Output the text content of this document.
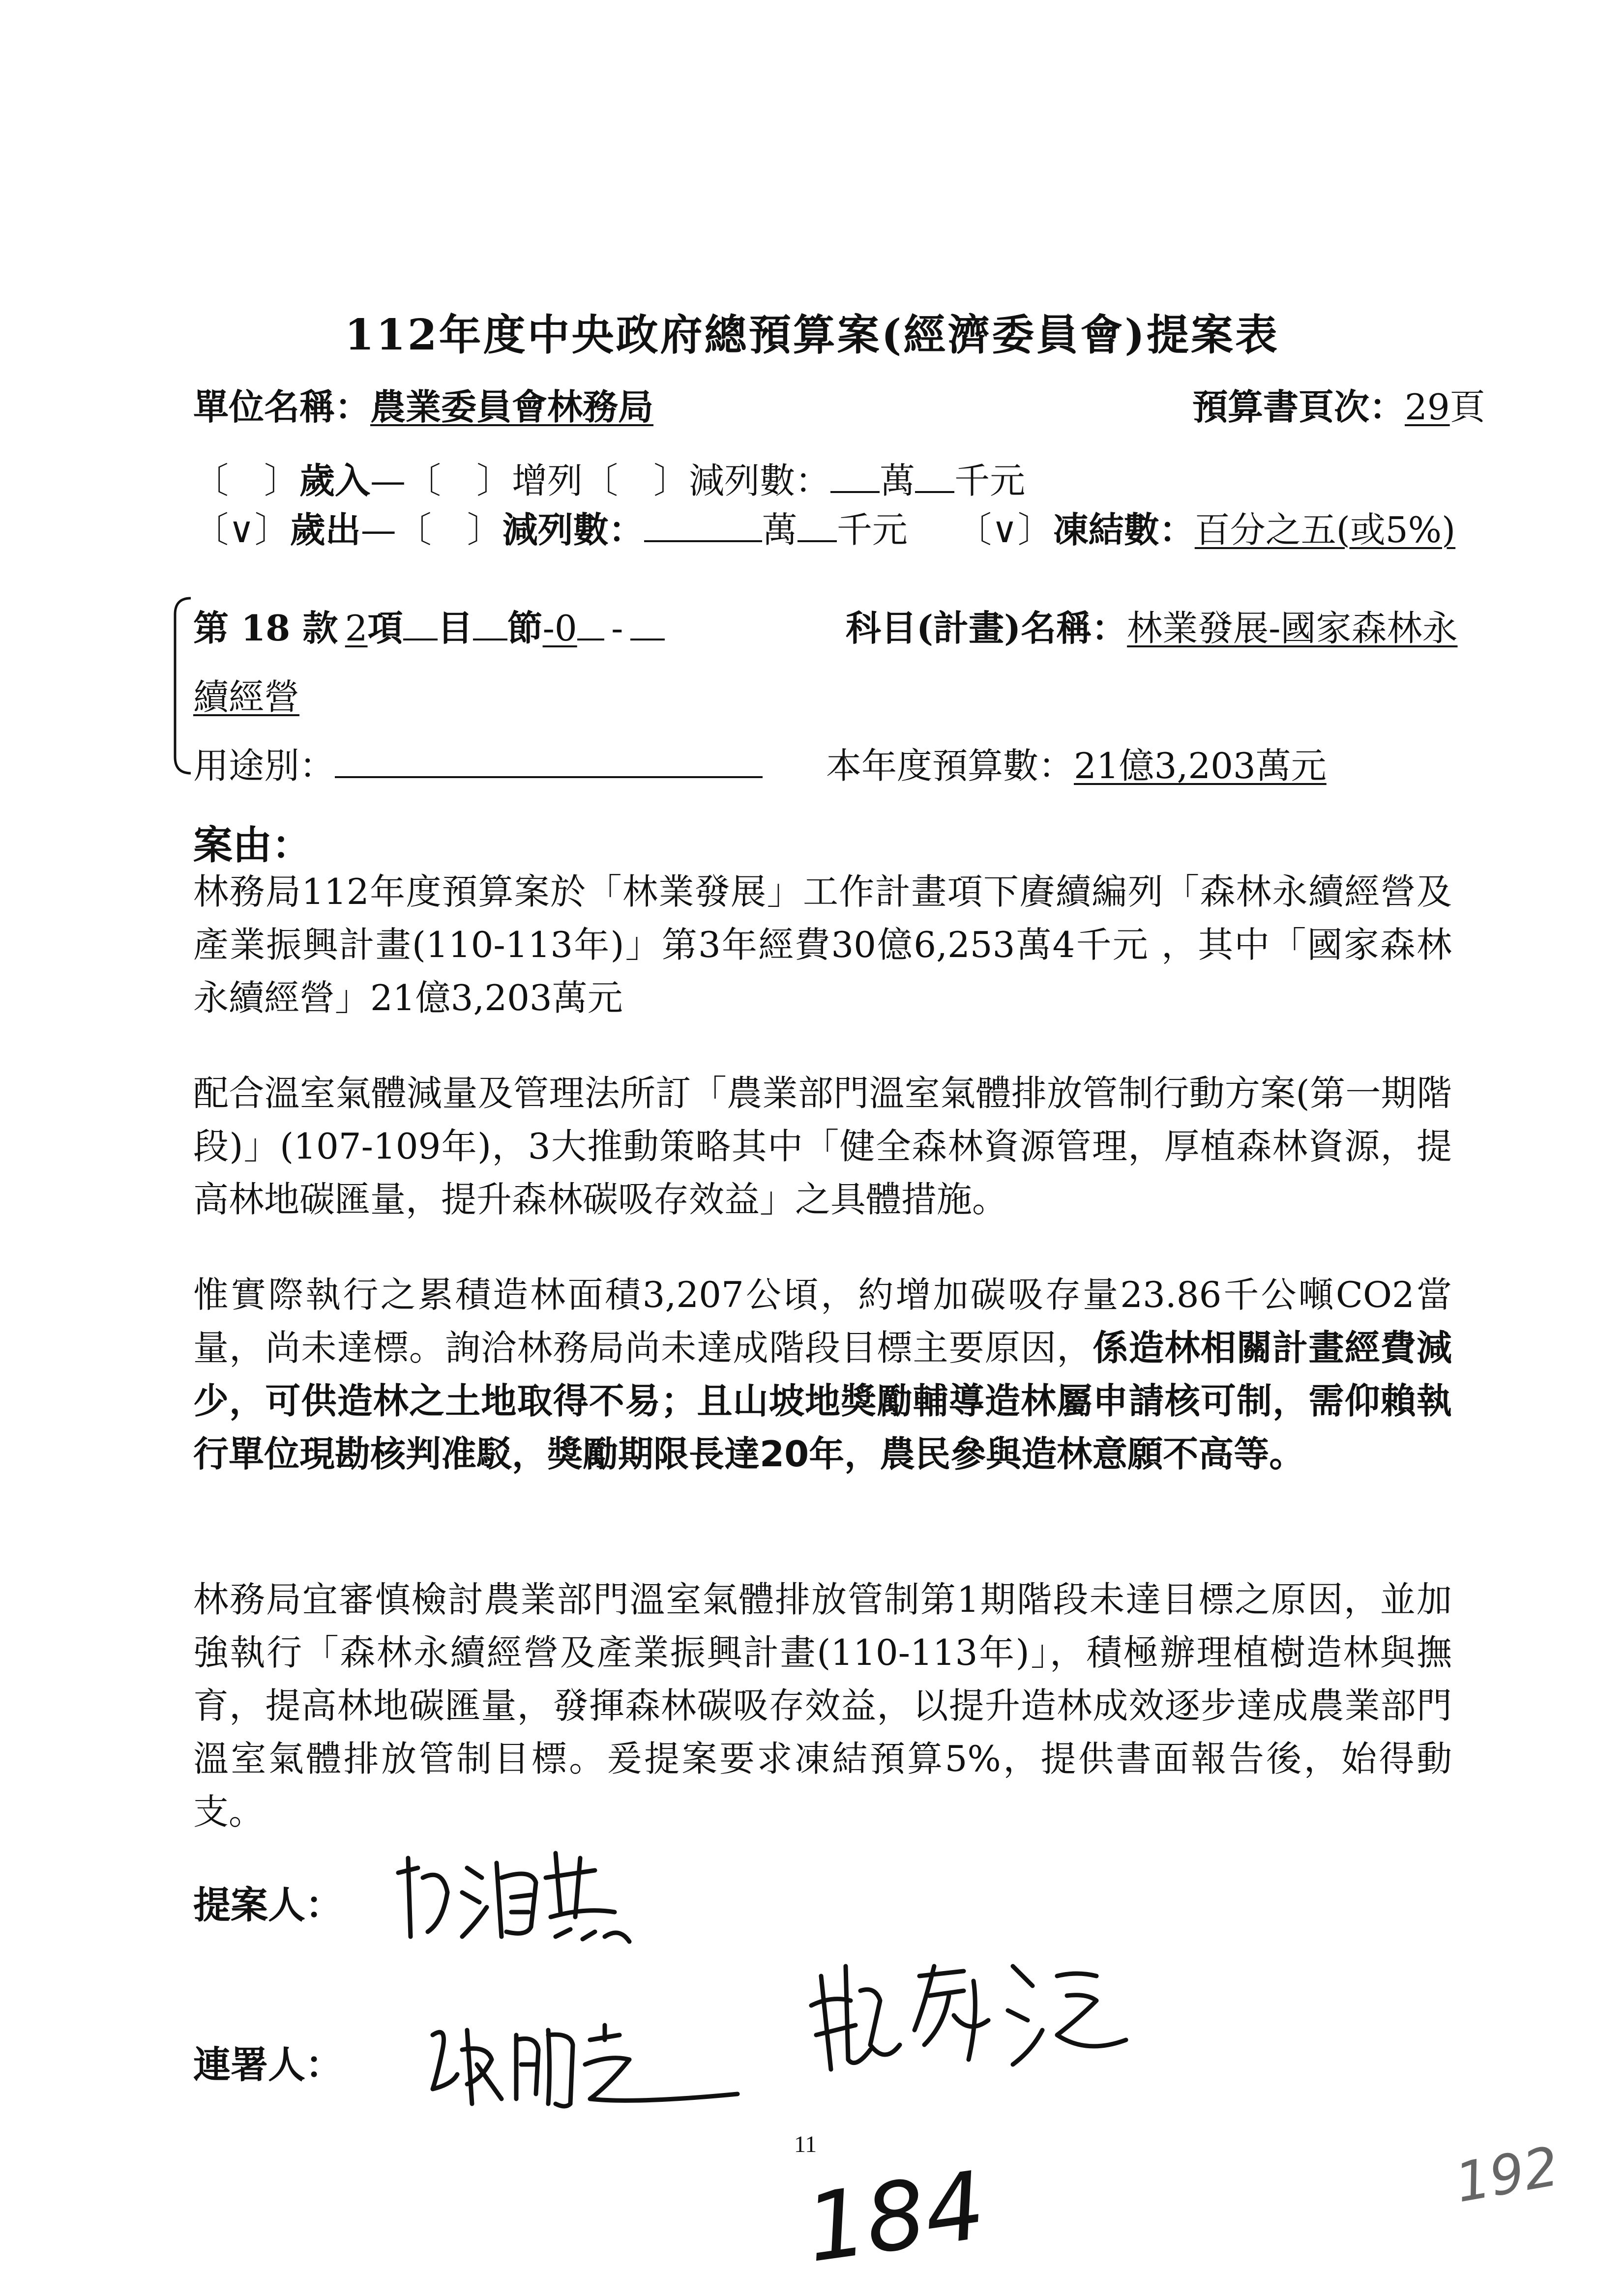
112年度中央政府總預算案(經濟委員會)提案表
單位名稱：農業委員會林務局	預算書頁次：29頁
〔  〕歲入—〔  〕增列〔  〕減列數： 萬 千元
〔∨〕歲出—〔  〕減列數：	萬 千元 〔∨〕凍結數：百分之五(或5%)
第 18 款  2項 目 節-0  - 	科目(計畫)名稱：林業發展-國家森林永
續經營
用途別：	本年度預算數：21億3,203萬元
案由：
林務局112年度預算案於「林業發展」工作計畫項下賡續編列「森林永續經營及產業振興計畫(110-113年)」第3年經費30億6,253萬4千元 ，其中「國家森林永續經營」21億3,203萬元
配合溫室氣體減量及管理法所訂「農業部門溫室氣體排放管制行動方案(第一期階段)」(107-109年)，3大推動策略其中「健全森林資源管理，厚植森林資源，提高林地碳匯量，提升森林碳吸存效益」之具體措施。
惟實際執行之累積造林面積3,207公頃，約增加碳吸存量23.86千公噸CO2當量，尚未達標。詢洽林務局尚未達成階段目標主要原因，係造林相關計畫經費減少，可供造林之土地取得不易；且山坡地獎勵輔導造林屬申請核可制，需仰賴執行單位現勘核判准駁，獎勵期限長達20年，農民參與造林意願不高等。
林務局宜審慎檢討農業部門溫室氣體排放管制第1期階段未達目標之原因，並加強執行「森林永續經營及產業振興計畫(110-113年)」，積極辦理植樹造林與撫育，提高林地碳匯量，發揮森林碳吸存效益，以提升造林成效逐步達成農業部門溫室氣體排放管制目標。爰提案要求凍結預算5%，提供書面報告後，始得動支。
提案人：
連署人：
11
184	192
